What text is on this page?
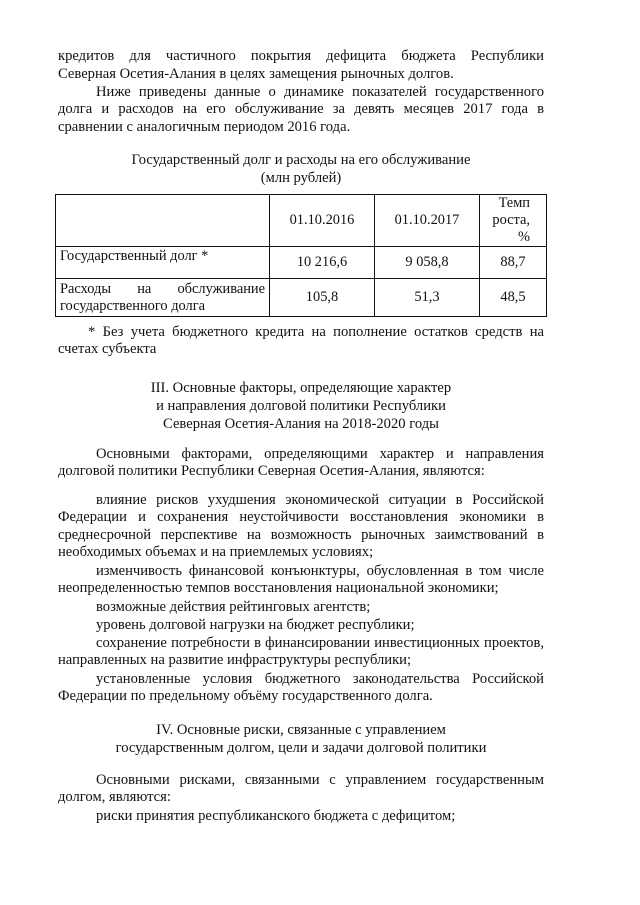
кредитов для частичного покрытия дефицита бюджета Республики
Северная Осетия-Алания в целях замещения рыночных долгов.
Ниже приведены данные о динамике показателей государственного долга и расходов на его обслуживание за девять месяцев 2017 года в сравнении с аналогичным периодом 2016 года.
Государственный долг и расходы на его обслуживание
(млн рублей)
	01.10.2016	01.10.2017	Темп роста, %
Государственный долг *	10 216,6	9 058,8	88,7
Расходы на обслуживание государственного долга	105,8	51,3	48,5
* Без учета бюджетного кредита на пополнение остатков средств на счетах субъекта
III. Основные факторы, определяющие характер
и направления долговой политики Республики
Северная Осетия-Алания на 2018-2020 годы
Основными факторами, определяющими характер и направления долговой политики Республики Северная Осетия-Алания, являются:
влияние рисков ухудшения экономической ситуации в Российской Федерации и сохранения неустойчивости восстановления экономики в среднесрочной перспективе на возможность рыночных заимствований в необходимых объемах и на приемлемых условиях;
изменчивость финансовой конъюнктуры, обусловленная в том числе неопределенностью темпов восстановления национальной экономики;
возможные действия рейтинговых агентств;
уровень долговой нагрузки на бюджет республики;
сохранение потребности в финансировании инвестиционных проектов, направленных на развитие инфраструктуры республики;
установленные условия бюджетного законодательства Российской Федерации по предельному объёму государственного долга.
IV. Основные риски, связанные с управлением
государственным долгом, цели и задачи долговой политики
Основными рисками, связанными с управлением государственным долгом, являются:
риски принятия республиканского бюджета с дефицитом;
